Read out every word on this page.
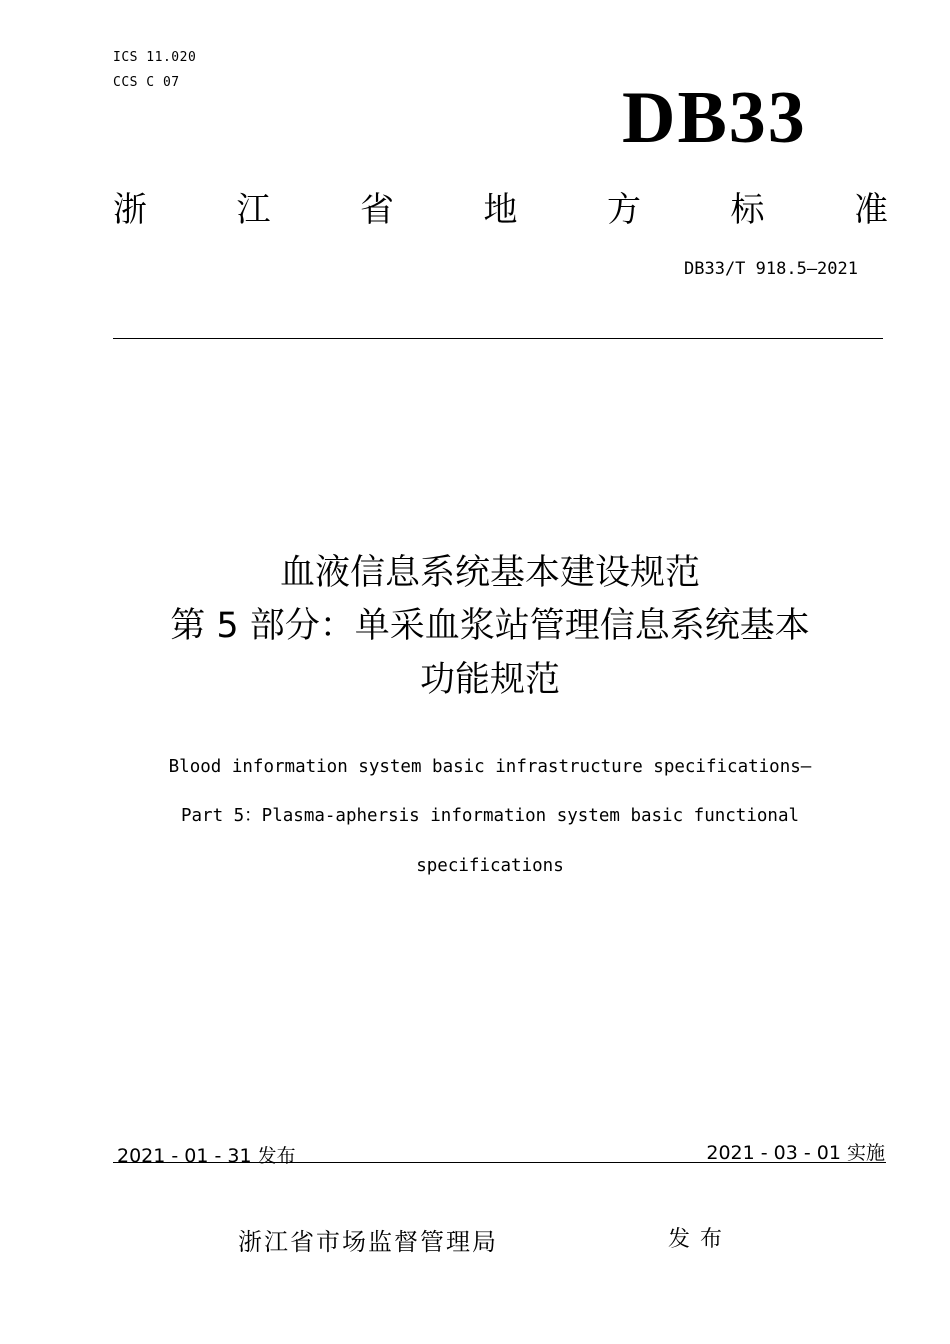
ICS 11.020
CCS C 07	DB33
浙	江	省	地	方	标	准
DB33/T 918.5—2021
血液信息系统基本建设规范
第 5 部分：单采血浆站管理信息系统基本
功能规范
Blood information system basic infrastructure specifications—
Part 5：Plasma-aphersis information system basic functional
specifications
2021 - 01 - 31 发布	2021 - 03 - 01 实施
浙江省市场监督管理局	发布
